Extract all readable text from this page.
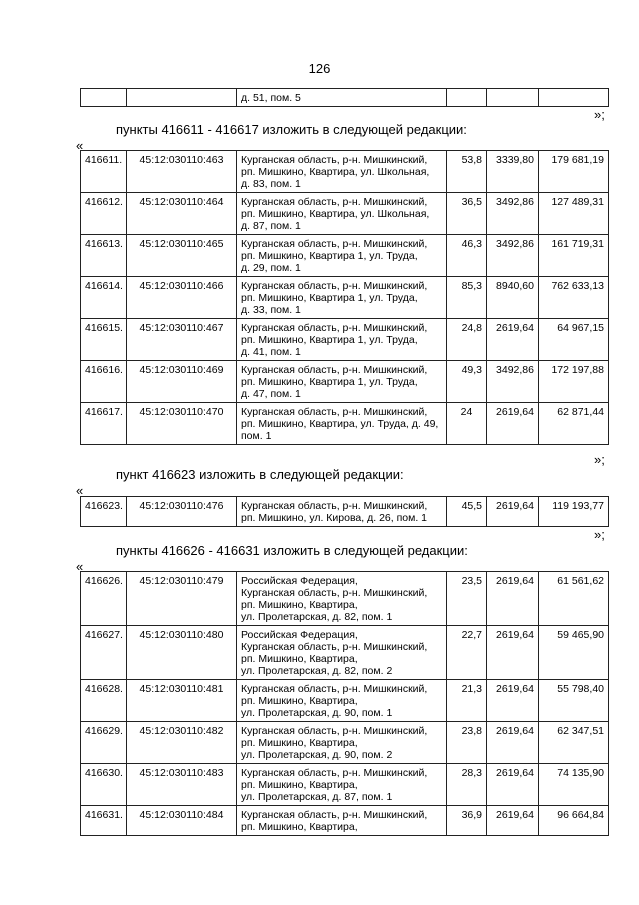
126
		д. 51, пом. 5			
»;
пункты 416611 - 416617 изложить в следующей редакции:
«
416611.	45:12:030110:463	Курганская область, р-н. Мишкинский,
рп. Мишкино, Квартира, ул. Школьная,
д. 83, пом. 1	53,8	3339,80	179 681,19
416612.	45:12:030110:464	Курганская область, р-н. Мишкинский,
рп. Мишкино, Квартира, ул. Школьная,
д. 87, пом. 1	36,5	3492,86	127 489,31
416613.	45:12:030110:465	Курганская область, р-н. Мишкинский,
рп. Мишкино, Квартира 1, ул. Труда,
д. 29, пом. 1	46,3	3492,86	161 719,31
416614.	45:12:030110:466	Курганская область, р-н. Мишкинский,
рп. Мишкино, Квартира 1, ул. Труда,
д. 33, пом. 1	85,3	8940,60	762 633,13
416615.	45:12:030110:467	Курганская область, р-н. Мишкинский,
рп. Мишкино, Квартира 1, ул. Труда,
д. 41, пом. 1	24,8	2619,64	64 967,15
416616.	45:12:030110:469	Курганская область, р-н. Мишкинский,
рп. Мишкино, Квартира 1, ул. Труда,
д. 47, пом. 1	49,3	3492,86	172 197,88
416617.	45:12:030110:470	Курганская область, р-н. Мишкинский,
рп. Мишкино, Квартира, ул. Труда, д. 49,
пом. 1	24	2619,64	62 871,44
»;
пункт 416623 изложить в следующей редакции:
«
416623.	45:12:030110:476	Курганская область, р-н. Мишкинский,
рп. Мишкино, ул. Кирова, д. 26, пом. 1
	45,5	2619,64	119 193,77
»;
пункты 416626 - 416631 изложить в следующей редакции:
«
416626.	45:12:030110:479	Российская Федерация,
Курганская область, р-н. Мишкинский,
рп. Мишкино, Квартира,
ул. Пролетарская, д. 82, пом. 1	23,5	2619,64	61 561,62
416627.	45:12:030110:480	Российская Федерация,
Курганская область, р-н. Мишкинский,
рп. Мишкино, Квартира,
ул. Пролетарская, д. 82, пом. 2	22,7	2619,64	59 465,90
416628.	45:12:030110:481	Курганская область, р-н. Мишкинский,
рп. Мишкино, Квартира,
ул. Пролетарская, д. 90, пом. 1	21,3	2619,64	55 798,40
416629.	45:12:030110:482	Курганская область, р-н. Мишкинский,
рп. Мишкино, Квартира,
ул. Пролетарская, д. 90, пом. 2	23,8	2619,64	62 347,51
416630.	45:12:030110:483	Курганская область, р-н. Мишкинский,
рп. Мишкино, Квартира,
ул. Пролетарская, д. 87, пом. 1	28,3	2619,64	74 135,90
416631.	45:12:030110:484	Курганская область, р-н. Мишкинский,
рп. Мишкино, Квартира,	36,9	2619,64	96 664,84
